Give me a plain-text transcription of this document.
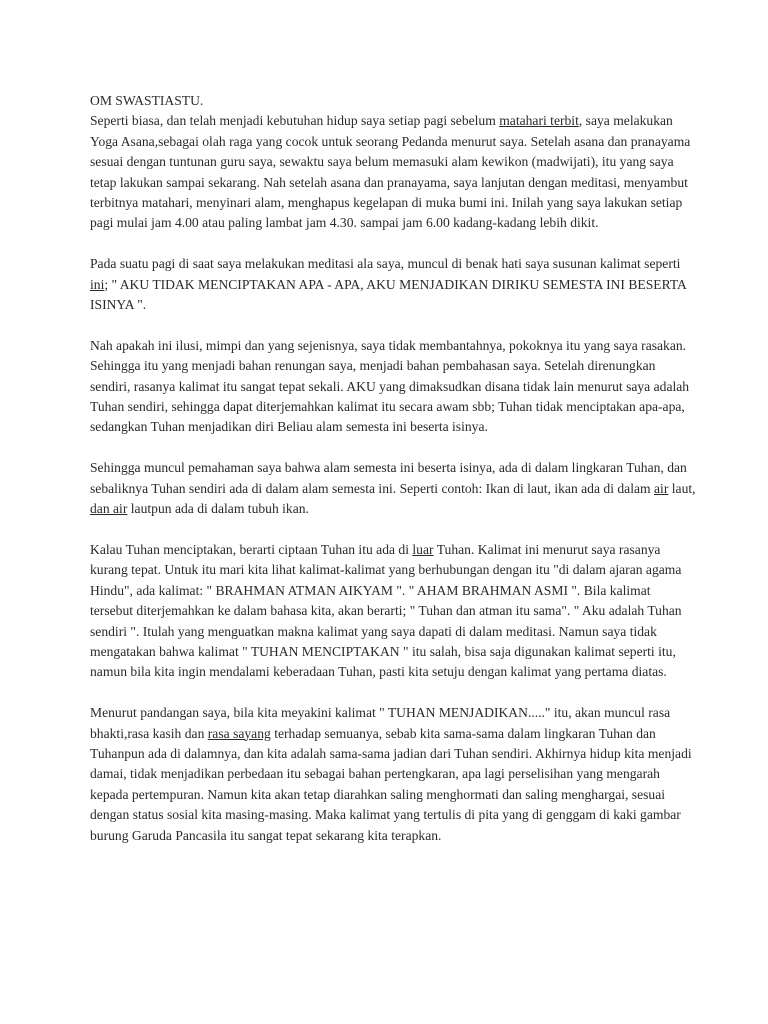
OM SWASTIASTU.

Seperti biasa, dan telah menjadi kebutuhan hidup saya setiap pagi sebelum matahari terbit, saya melakukan Yoga Asana,sebagai olah raga yang cocok untuk seorang Pedanda menurut saya. Setelah asana dan pranayama sesuai dengan tuntunan guru saya, sewaktu saya belum memasuki alam kewikon (madwijati), itu yang saya tetap lakukan sampai sekarang. Nah setelah asana dan pranayama, saya lanjutan dengan meditasi, menyambut terbitnya matahari, menyinari alam, menghapus kegelapan di muka bumi ini. Inilah yang saya lakukan setiap pagi mulai jam 4.00 atau paling lambat jam 4.30. sampai jam 6.00 kadang-kadang lebih dikit.

Pada suatu pagi di saat saya melakukan meditasi ala saya, muncul di benak hati saya susunan kalimat seperti ini; " AKU TIDAK MENCIPTAKAN APA - APA, AKU MENJADIKAN DIRIKU SEMESTA INI BESERTA ISINYA ".

Nah apakah ini ilusi, mimpi dan yang sejenisnya, saya tidak membantahnya, pokoknya itu yang saya rasakan. Sehingga itu yang menjadi bahan renungan saya, menjadi bahan pembahasan saya. Setelah direnungkan sendiri, rasanya kalimat itu sangat tepat sekali. AKU yang dimaksudkan disana tidak lain menurut saya adalah Tuhan sendiri, sehingga dapat diterjemahkan kalimat itu secara awam sbb; Tuhan tidak menciptakan apa-apa, sedangkan Tuhan menjadikan diri Beliau alam semesta ini beserta isinya.

Sehingga muncul pemahaman saya bahwa alam semesta ini beserta isinya, ada di dalam lingkaran Tuhan, dan sebaliknya Tuhan sendiri ada di dalam alam semesta ini. Seperti contoh: Ikan di laut, ikan ada di dalam air laut, dan air lautpun ada di dalam tubuh ikan.

Kalau Tuhan menciptakan, berarti ciptaan Tuhan itu ada di luar Tuhan. Kalimat ini menurut saya rasanya kurang tepat. Untuk itu mari kita lihat kalimat-kalimat yang berhubungan dengan itu "di dalam ajaran agama Hindu", ada kalimat: " BRAHMAN ATMAN AIKYAM ". " AHAM BRAHMAN ASMI ". Bila kalimat tersebut diterjemahkan ke dalam bahasa kita, akan berarti; " Tuhan dan atman itu sama". " Aku adalah Tuhan sendiri ". Itulah yang menguatkan makna kalimat yang saya dapati di dalam meditasi. Namun saya tidak mengatakan bahwa kalimat " TUHAN MENCIPTAKAN " itu salah, bisa saja digunakan kalimat seperti itu, namun bila kita ingin mendalami keberadaan Tuhan, pasti kita setuju dengan kalimat yang pertama diatas.

Menurut pandangan saya, bila kita meyakini kalimat " TUHAN MENJADIKAN....." itu, akan muncul rasa bhakti,rasa kasih dan rasa sayang terhadap semuanya, sebab kita sama-sama dalam lingkaran Tuhan dan Tuhanpun ada di dalamnya, dan kita adalah sama-sama jadian dari Tuhan sendiri. Akhirnya hidup kita menjadi damai, tidak menjadikan perbedaan itu sebagai bahan pertengkaran, apa lagi perselisihan yang mengarah kepada pertempuran. Namun kita akan tetap diarahkan saling menghormati dan saling menghargai, sesuai dengan status sosial kita masing-masing. Maka kalimat yang tertulis di pita yang di genggam di kaki gambar burung Garuda Pancasila itu sangat tepat sekarang kita terapkan.
